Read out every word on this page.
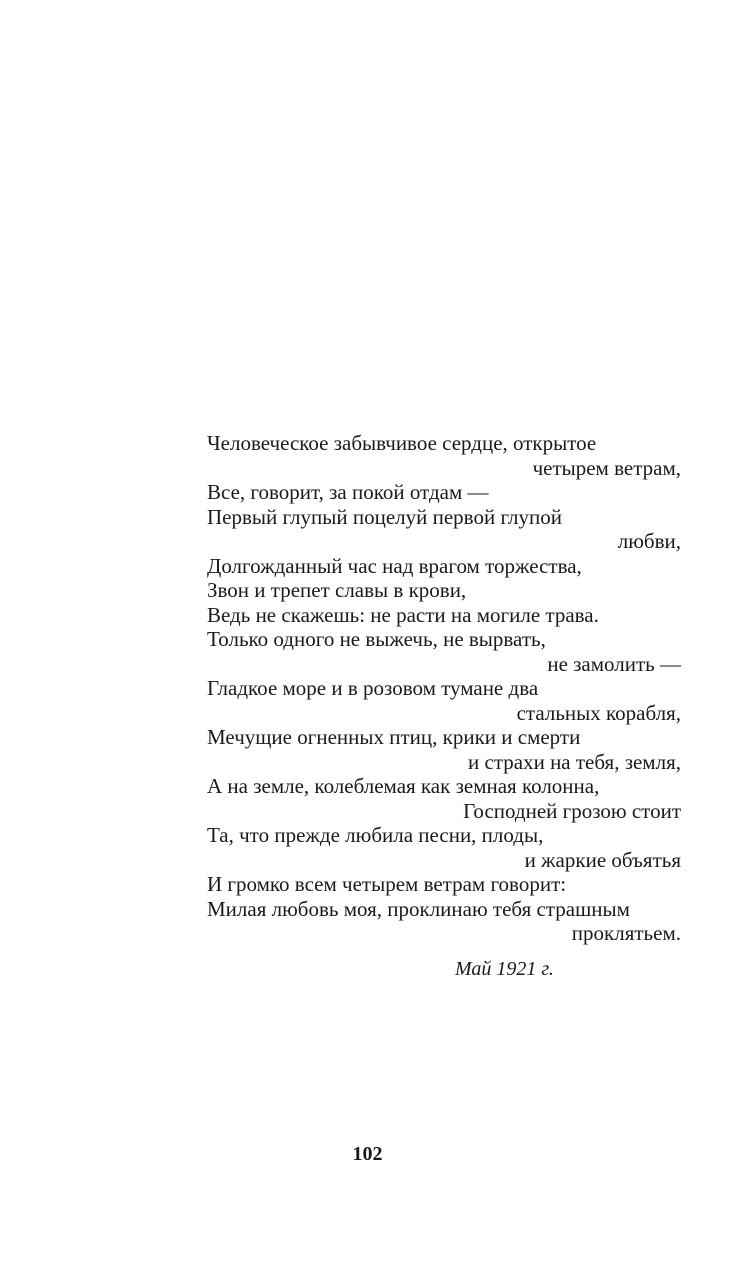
Человеческое забывчивое сердце, открытое
четырем ветрам,
Все, говорит, за покой отдам —
Первый глупый поцелуй первой глупой
любви,
Долгожданный час над врагом торжества,
Звон и трепет славы в крови,
Ведь не скажешь: не расти на могиле трава.
Только одного не выжечь, не вырвать,
не замолить —
Гладкое море и в розовом тумане два
стальных корабля,
Мечущие огненных птиц, крики и смерти
и страхи на тебя, земля,
А на земле, колеблемая как земная колонна,
Господней грозою стоит
Та, что прежде любила песни, плоды,
и жаркие объятья
И громко всем четырем ветрам говорит:
Милая любовь моя, проклинаю тебя страшным
проклятьем.
Май 1921 г.
102
